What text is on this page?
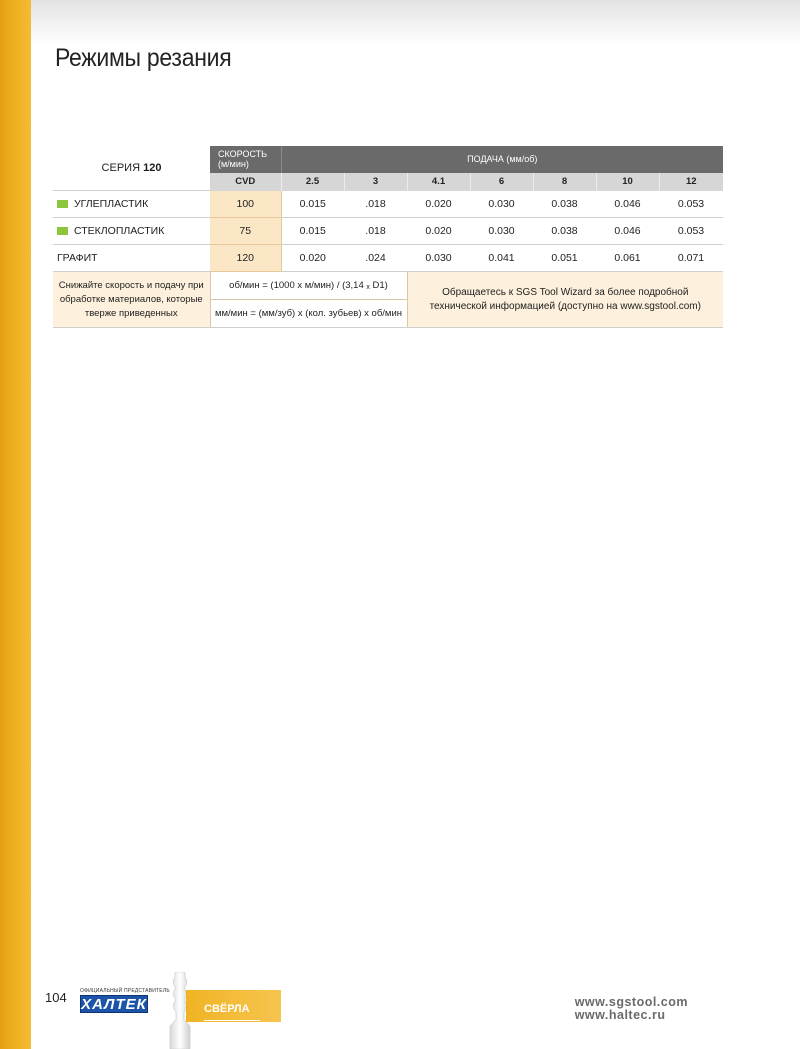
Режимы резания
СЕРИЯ 120	СКОРОСТЬ (м/мин)	ПОДАЧА (мм/об)						
	CVD	2.5	3	4.1	6	8	10	12
УГЛЕПЛАСТИК	100	0.015	.018	0.020	0.030	0.038	0.046	0.053
СТЕКЛОПЛАСТИК	75	0.015	.018	0.020	0.030	0.038	0.046	0.053
ГРАФИТ	120	0.020	.024	0.030	0.041	0.051	0.061	0.071
Снижайте скорость и подачу при обработке материалов, которые тверже приведенных	об/мин = (1000 x м/мин) / (3,14 $_x$ D1)			Обращаетесь к SGS Tool Wizard за более подробной технической информацией (доступно на www.sgstool.com)				
	мм/мин = (мм/зуб) x (кол. зубьев) x об/мин							
104	ОФИЦИАЛЬНЫЙ ПРЕДСТАВИТЕЛЬ
ХАЛТЕК	СВЁРЛА	www.sgstool.com
www.haltec.ru
